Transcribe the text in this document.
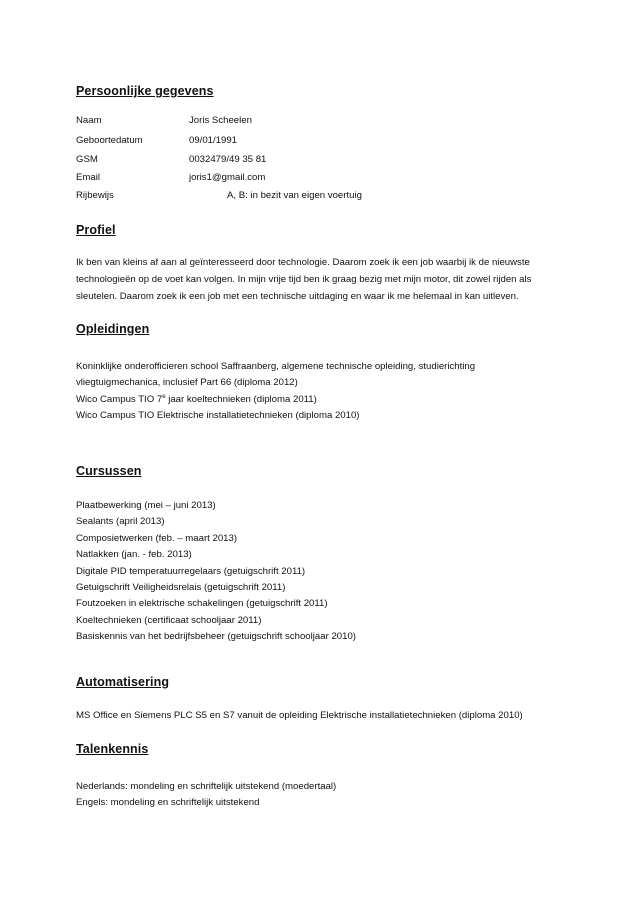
Persoonlijke gegevens
Naam	Joris Scheelen
Geboortedatum	09/01/1991
GSM	0032479/49 35 81
Email	joris1@gmail.com
Rijbewijs	A, B: in bezit van eigen voertuig
Profiel
Ik ben van kleins af aan al geïnteresseerd door technologie. Daarom zoek ik een job waarbij ik de nieuwste
technologieën op de voet kan volgen. In mijn vrije tijd ben ik graag bezig met mijn motor, dit zowel rijden als
sleutelen. Daarom zoek ik een job met een technische uitdaging en waar ik me helemaal in kan uitleven.
Opleidingen
Koninklijke onderofficieren school Saffraanberg, algemene technische opleiding, studierichting
vliegtuigmechanica, inclusief Part 66 (diploma 2012)
Wico Campus TIO 7e jaar koeltechnieken (diploma 2011)
Wico Campus TIO Elektrische installatietechnieken (diploma 2010)
Cursussen
Plaatbewerking (mei – juni 2013)
Sealants (april 2013)
Composietwerken (feb. – maart 2013)
Natlakken (jan. - feb. 2013)
Digitale PID temperatuurregelaars (getuigschrift 2011)
Getuigschrift Veiligheidsrelais (getuigschrift 2011)
Foutzoeken in elektrische schakelingen (getuigschrift 2011)
Koeltechnieken (certificaat schooljaar 2011)
Basiskennis van het bedrijfsbeheer (getuigschrift schooljaar 2010)
Automatisering
MS Office en Siemens PLC S5 en S7 vanuit de opleiding Elektrische installatietechnieken (diploma 2010)
Talenkennis
Nederlands: mondeling en schriftelijk uitstekend (moedertaal)
Engels: mondeling en schriftelijk uitstekend
